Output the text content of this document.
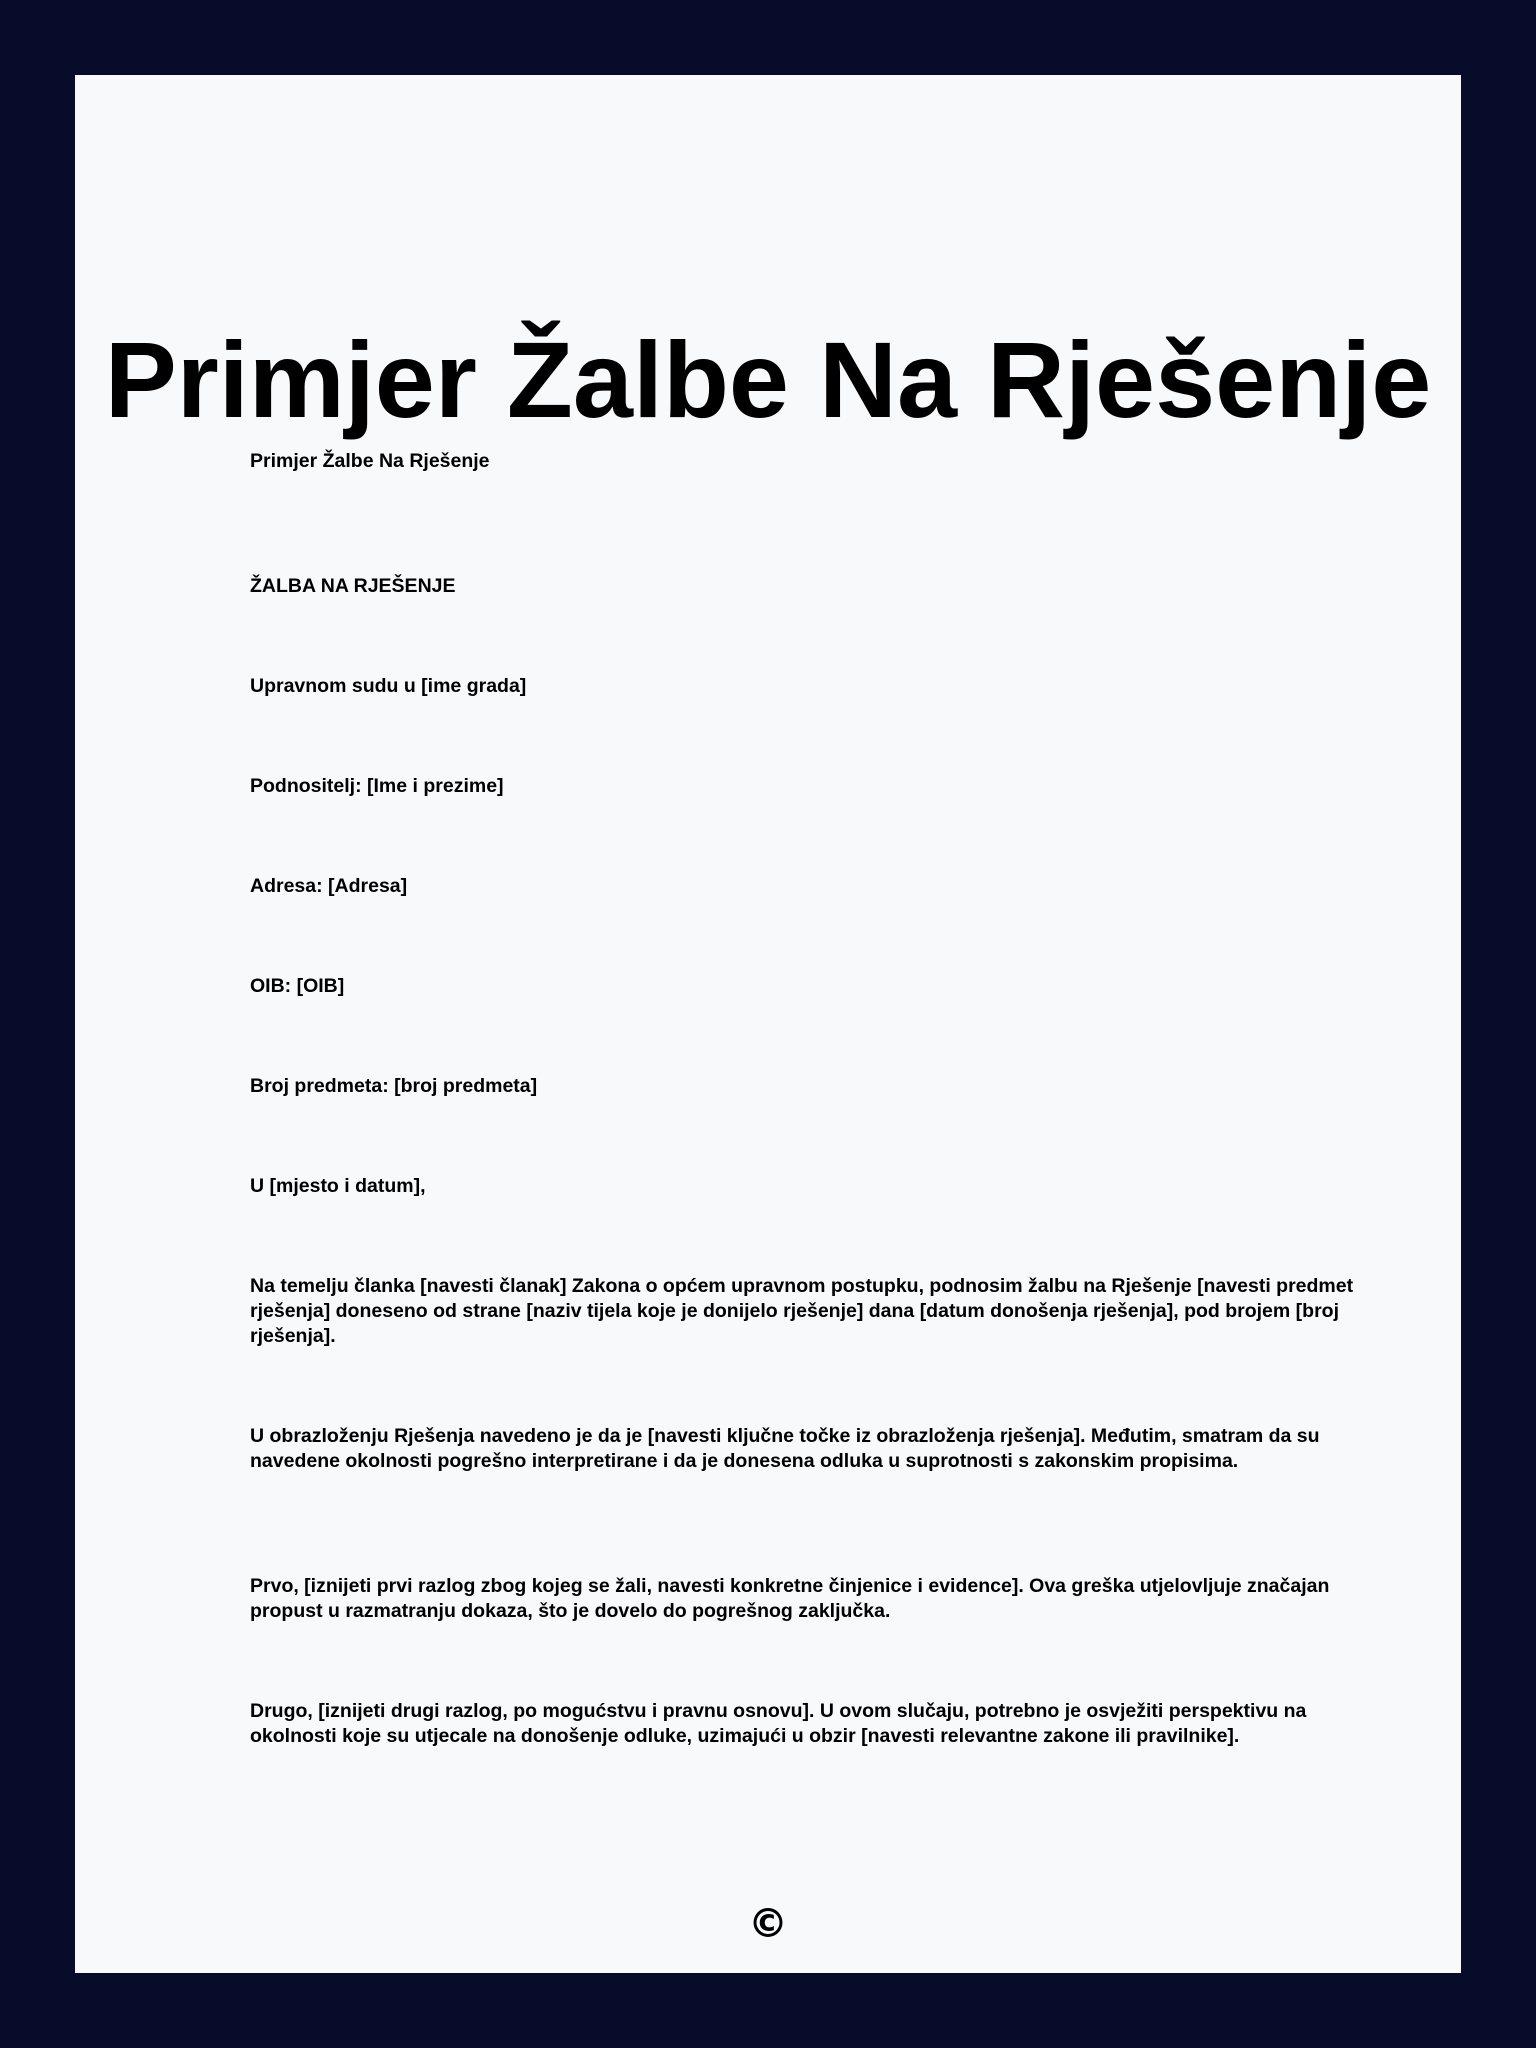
Primjer Žalbe Na Rješenje

Primjer Žalbe Na Rješenje

ŽALBA NA RJEŠENJE

Upravnom sudu u [ime grada]

Podnositelj: [Ime i prezime]

Adresa: [Adresa]

OIB: [OIB]

Broj predmeta: [broj predmeta]

U [mjesto i datum],

Na temelju članka [navesti članak] Zakona o općem upravnom postupku, podnosim žalbu na Rješenje [navesti predmet rješenja] doneseno od strane [naziv tijela koje je donijelo rješenje] dana [datum donošenja rješenja], pod brojem [broj rješenja].

U obrazloženju Rješenja navedeno je da je [navesti ključne točke iz obrazloženja rješenja]. Međutim, smatram da su navedene okolnosti pogrešno interpretirane i da je donesena odluka u suprotnosti s zakonskim propisima.

Prvo, [iznijeti prvi razlog zbog kojeg se žali, navesti konkretne činjenice i evidence]. Ova greška utjelovljuje značajan propust u razmatranju dokaza, što je dovelo do pogrešnog zaključka.

Drugo, [iznijeti drugi razlog, po mogućstvu i pravnu osnovu]. U ovom slučaju, potrebno je osvježiti perspektivu na okolnosti koje su utjecale na donošenje odluke, uzimajući u obzir [navesti relevantne zakone ili pravilnike].

©
